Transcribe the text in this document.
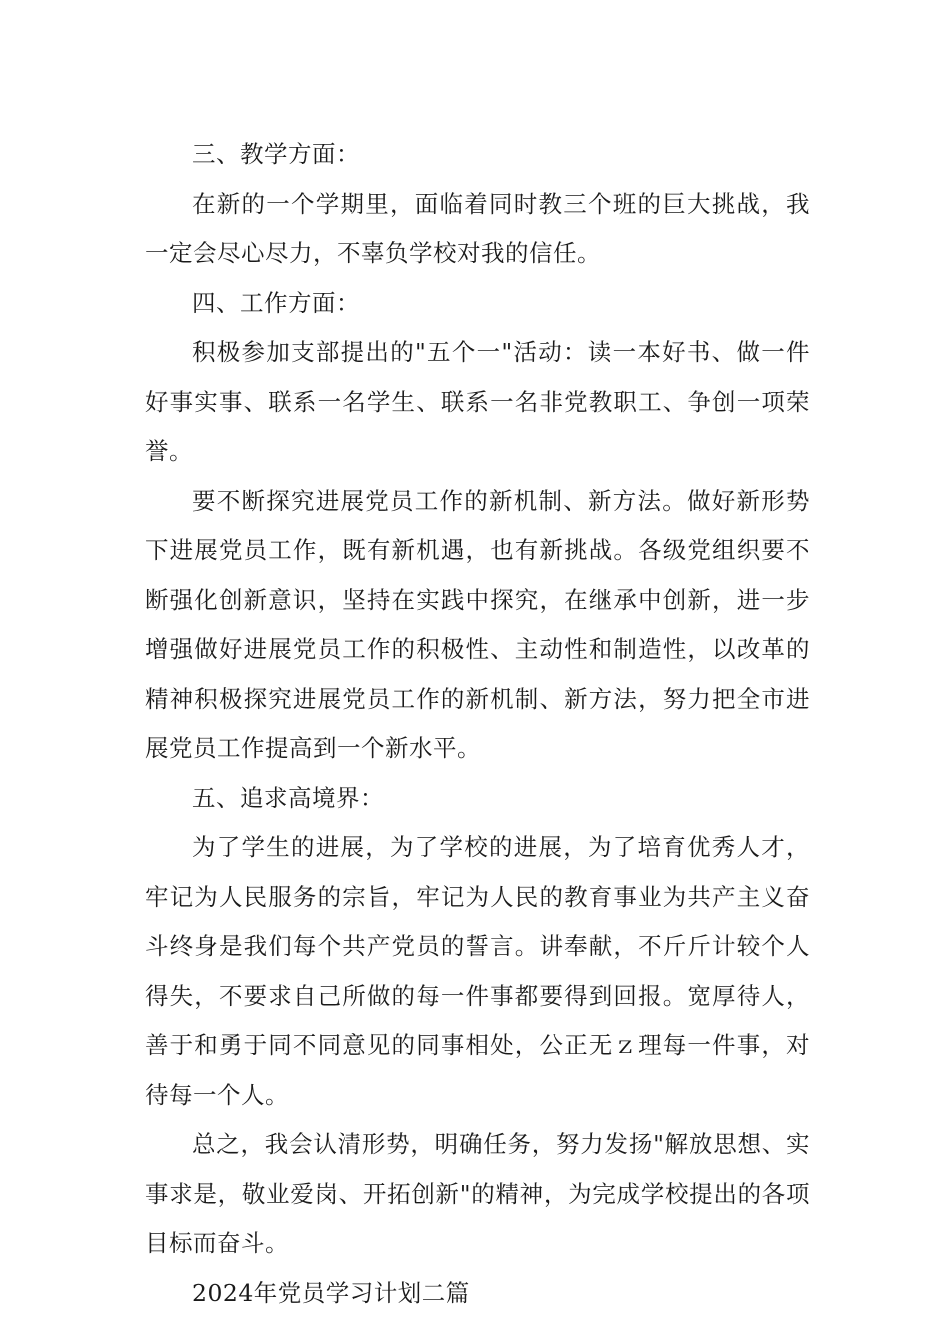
三、教学方面：

在新的一个学期里，面临着同时教三个班的巨大挑战，我一定会尽心尽力，不辜负学校对我的信任。

四、工作方面：

积极参加支部提出的"五个一"活动：读一本好书、做一件好事实事、联系一名学生、联系一名非党教职工、争创一项荣誉。

要不断探究进展党员工作的新机制、新方法。做好新形势下进展党员工作，既有新机遇，也有新挑战。各级党组织要不断强化创新意识，坚持在实践中探究，在继承中创新，进一步增强做好进展党员工作的积极性、主动性和制造性，以改革的精神积极探究进展党员工作的新机制、新方法，努力把全市进展党员工作提高到一个新水平。

五、追求高境界：

为了学生的进展，为了学校的进展，为了培育优秀人才，牢记为人民服务的宗旨，牢记为人民的教育事业为共产主义奋斗终身是我们每个共产党员的誓言。讲奉献，不斤斤计较个人得失，不要求自己所做的每一件事都要得到回报。宽厚待人，善于和勇于同不同意见的同事相处，公正无ｚ理每一件事，对待每一个人。

总之，我会认清形势，明确任务，努力发扬"解放思想、实事求是，敬业爱岗、开拓创新"的精神，为完成学校提出的各项目标而奋斗。

2024年党员学习计划二篇
